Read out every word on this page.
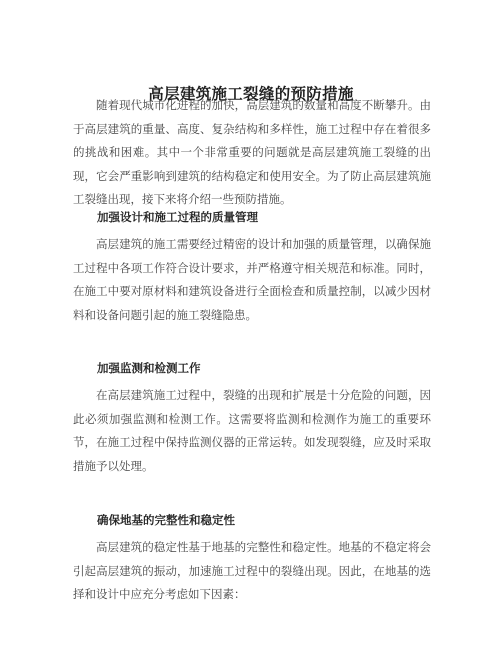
高层建筑施工裂缝的预防措施

随着现代城市化进程的加快，高层建筑的数量和高度不断攀升。由于高层建筑的重量、高度、复杂结构和多样性，施工过程中存在着很多的挑战和困难。其中一个非常重要的问题就是高层建筑施工裂缝的出现，它会严重影响到建筑的结构稳定和使用安全。为了防止高层建筑施工裂缝出现，接下来将介绍一些预防措施。

加强设计和施工过程的质量管理

高层建筑的施工需要经过精密的设计和加强的质量管理，以确保施工过程中各项工作符合设计要求，并严格遵守相关规范和标准。同时，在施工中要对原材料和建筑设备进行全面检查和质量控制，以减少因材料和设备问题引起的施工裂缝隐患。

加强监测和检测工作

在高层建筑施工过程中，裂缝的出现和扩展是十分危险的问题，因此必须加强监测和检测工作。这需要将监测和检测作为施工的重要环节，在施工过程中保持监测仪器的正常运转。如发现裂缝，应及时采取措施予以处理。

确保地基的完整性和稳定性

高层建筑的稳定性基于地基的完整性和稳定性。地基的不稳定将会引起高层建筑的振动，加速施工过程中的裂缝出现。因此，在地基的选择和设计中应充分考虑如下因素：
